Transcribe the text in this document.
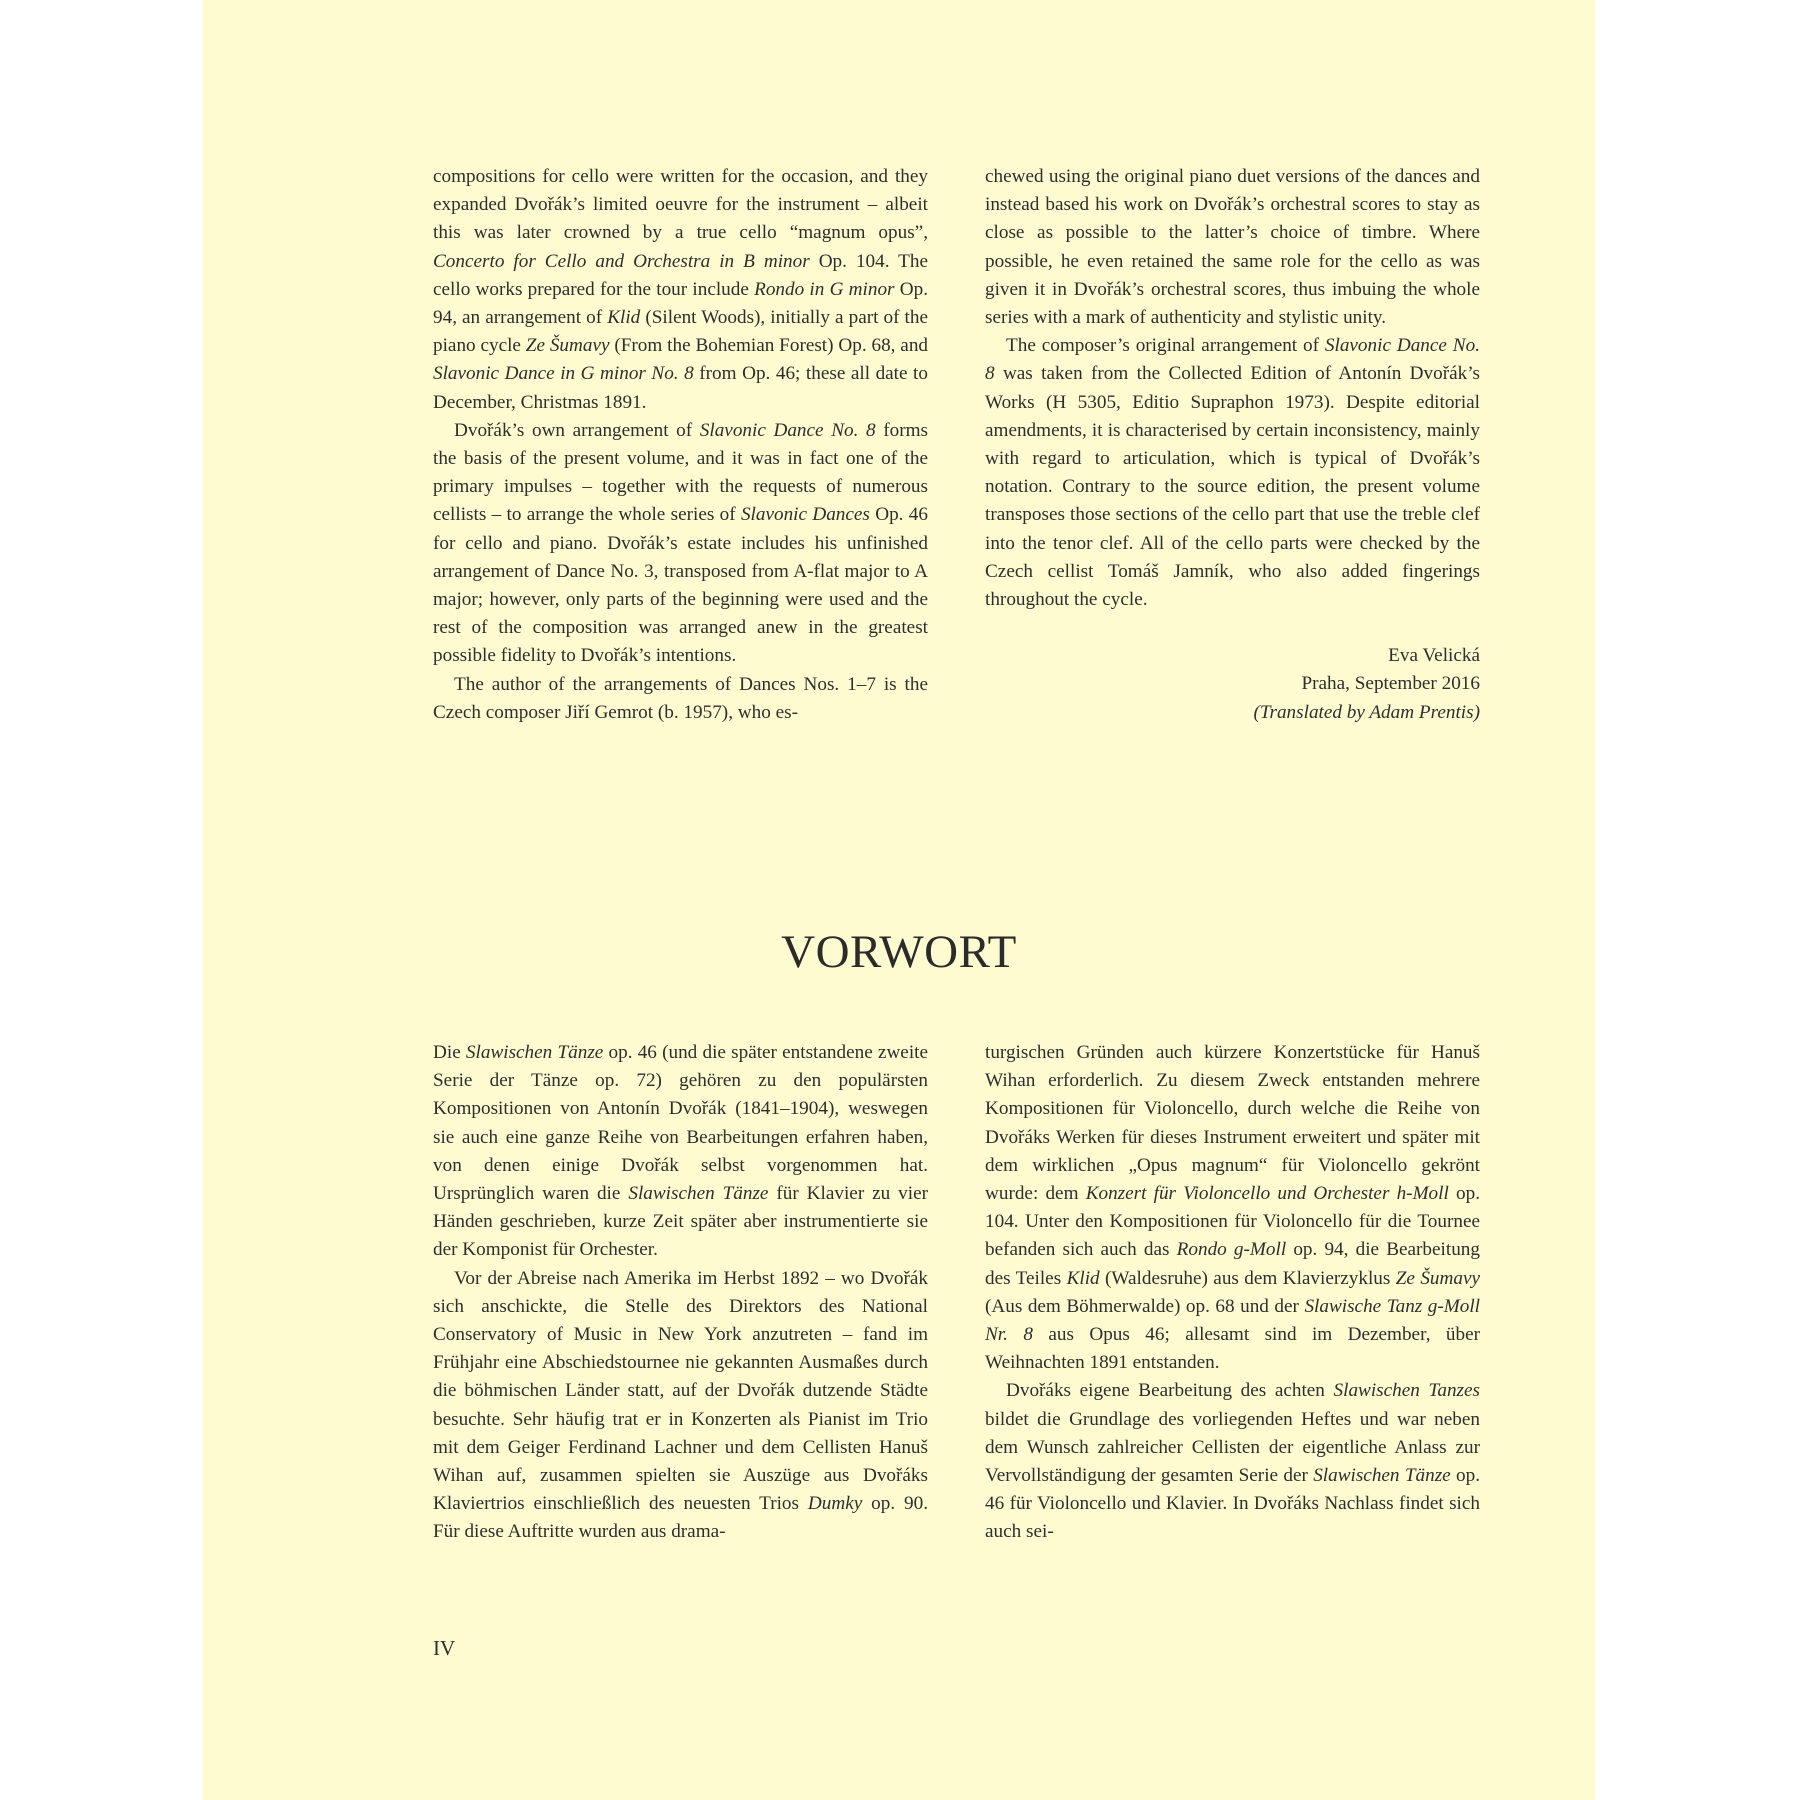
compositions for cello were written for the occasion, and they expanded Dvořák’s limited oeuvre for the instrument – albeit this was later crowned by a true cello “magnum opus”, Concerto for Cello and Orchestra in B minor Op. 104. The cello works prepared for the tour include Rondo in G minor Op. 94, an arrangement of Klid (Silent Woods), initially a part of the piano cycle Ze Šumavy (From the Bohemian Forest) Op. 68, and Slavonic Dance in G minor No. 8 from Op. 46; these all date to December, Christmas 1891.

Dvořák’s own arrangement of Slavonic Dance No. 8 forms the basis of the present volume, and it was in fact one of the primary impulses – together with the requests of numerous cellists – to arrange the whole series of Slavonic Dances Op. 46 for cello and piano. Dvořák’s estate includes his unfinished arrangement of Dance No. 3, transposed from A-flat major to A major; however, only parts of the beginning were used and the rest of the composition was arranged anew in the greatest possible fidelity to Dvořák’s intentions.

The author of the arrangements of Dances Nos. 1–7 is the Czech composer Jiří Gemrot (b. 1957), who es-

chewed using the original piano duet versions of the dances and instead based his work on Dvořák’s orchestral scores to stay as close as possible to the latter’s choice of timbre. Where possible, he even retained the same role for the cello as was given it in Dvořák’s orchestral scores, thus imbuing the whole series with a mark of authenticity and stylistic unity.

The composer’s original arrangement of Slavonic Dance No. 8 was taken from the Collected Edition of Antonín Dvořák’s Works (H 5305, Editio Supraphon 1973). Despite editorial amendments, it is characterised by certain inconsistency, mainly with regard to articulation, which is typical of Dvořák’s notation. Contrary to the source edition, the present volume transposes those sections of the cello part that use the treble clef into the tenor clef. All of the cello parts were checked by the Czech cellist Tomáš Jamník, who also added fingerings throughout the cycle.

Eva Velická

Praha, September 2016

(Translated by Adam Prentis)

VORWORT

Die Slawischen Tänze op. 46 (und die später entstandene zweite Serie der Tänze op. 72) gehören zu den populärsten Kompositionen von Antonín Dvořák (1841–1904), weswegen sie auch eine ganze Reihe von Bearbeitungen erfahren haben, von denen einige Dvořák selbst vorgenommen hat. Ursprünglich waren die Slawischen Tänze für Klavier zu vier Händen geschrieben, kurze Zeit später aber instrumentierte sie der Komponist für Orchester.

Vor der Abreise nach Amerika im Herbst 1892 – wo Dvořák sich anschickte, die Stelle des Direktors des National Conservatory of Music in New York anzutreten – fand im Frühjahr eine Abschiedstournee nie gekannten Ausmaßes durch die böhmischen Länder statt, auf der Dvořák dutzende Städte besuchte. Sehr häufig trat er in Konzerten als Pianist im Trio mit dem Geiger Ferdinand Lachner und dem Cellisten Hanuš Wihan auf, zusammen spielten sie Auszüge aus Dvořáks Klaviertrios einschließlich des neuesten Trios Dumky op. 90. Für diese Auftritte wurden aus drama-

turgischen Gründen auch kürzere Konzertstücke für Hanuš Wihan erforderlich. Zu diesem Zweck entstanden mehrere Kompositionen für Violoncello, durch welche die Reihe von Dvořáks Werken für dieses Instrument erweitert und später mit dem wirklichen „Opus magnum“ für Violoncello gekrönt wurde: dem Konzert für Violoncello und Orchester h-Moll op. 104. Unter den Kompositionen für Violoncello für die Tournee befanden sich auch das Rondo g-Moll op. 94, die Bearbeitung des Teiles Klid (Waldesruhe) aus dem Klavierzyklus Ze Šumavy (Aus dem Böhmerwalde) op. 68 und der Slawische Tanz g-Moll Nr. 8 aus Opus 46; allesamt sind im Dezember, über Weihnachten 1891 entstanden.

Dvořáks eigene Bearbeitung des achten Slawischen Tanzes bildet die Grundlage des vorliegenden Heftes und war neben dem Wunsch zahlreicher Cellisten der eigentliche Anlass zur Vervollständigung der gesamten Serie der Slawischen Tänze op. 46 für Violoncello und Klavier. In Dvořáks Nachlass findet sich auch sei-

IV
